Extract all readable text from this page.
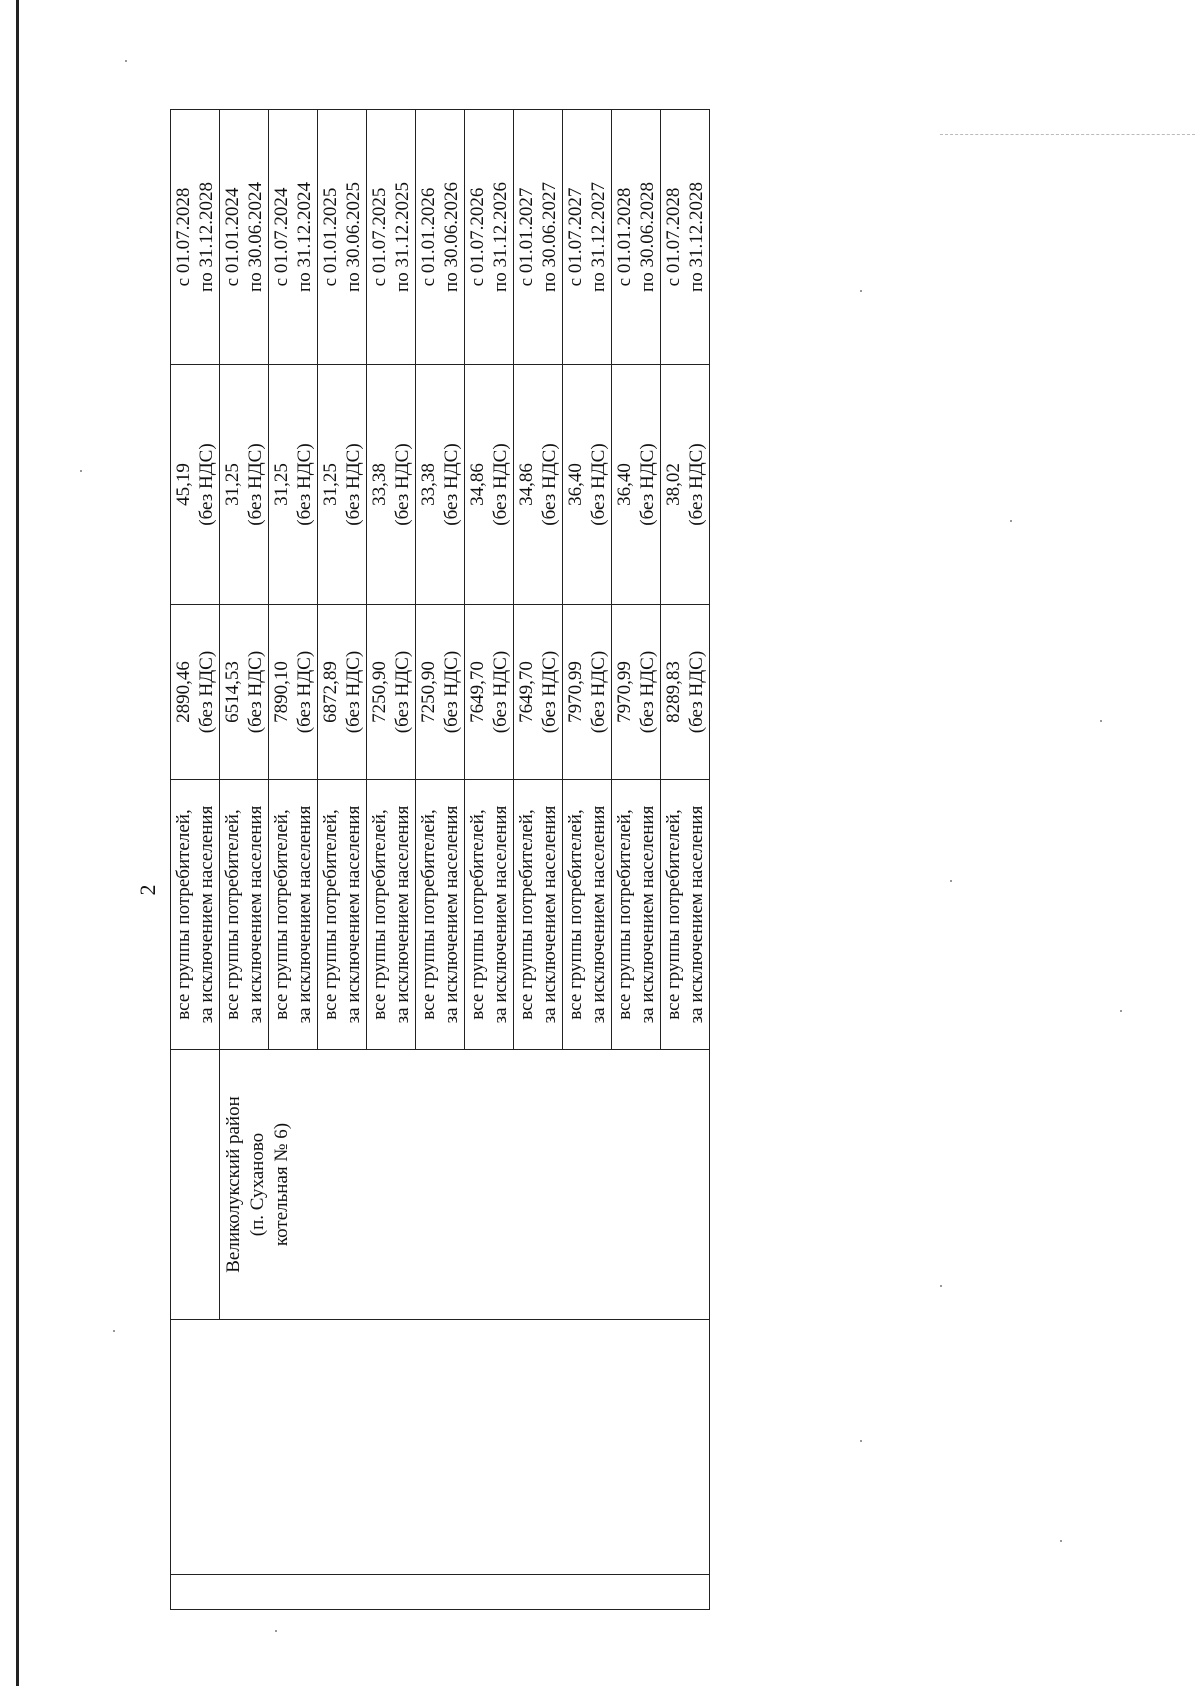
2

			все группы потребителей, за исключением населения	2890,46 (без НДС)	45,19 (без НДС)	с 01.07.2028 по 31.12.2028

		Великолукский район (п. Суханово котельная № 6)	все группы потребителей, за исключением населения	6514,53 (без НДС)	31,25 (без НДС)	с 01.01.2024 по 30.06.2024

			все группы потребителей, за исключением населения	7890,10 (без НДС)	31,25 (без НДС)	с 01.07.2024 по 31.12.2024

			все группы потребителей, за исключением населения	6872,89 (без НДС)	31,25 (без НДС)	с 01.01.2025 по 30.06.2025

			все группы потребителей, за исключением населения	7250,90 (без НДС)	33,38 (без НДС)	с 01.07.2025 по 31.12.2025

			все группы потребителей, за исключением населения	7250,90 (без НДС)	33,38 (без НДС)	с 01.01.2026 по 30.06.2026

			все группы потребителей, за исключением населения	7649,70 (без НДС)	34,86 (без НДС)	с 01.07.2026 по 31.12.2026

			все группы потребителей, за исключением населения	7649,70 (без НДС)	34,86 (без НДС)	с 01.01.2027 по 30.06.2027

			все группы потребителей, за исключением населения	7970,99 (без НДС)	36,40 (без НДС)	с 01.07.2027 по 31.12.2027

			все группы потребителей, за исключением населения	7970,99 (без НДС)	36,40 (без НДС)	с 01.01.2028 по 30.06.2028

			все группы потребителей, за исключением населения	8289,83 (без НДС)	38,02 (без НДС)	с 01.07.2028 по 31.12.2028
